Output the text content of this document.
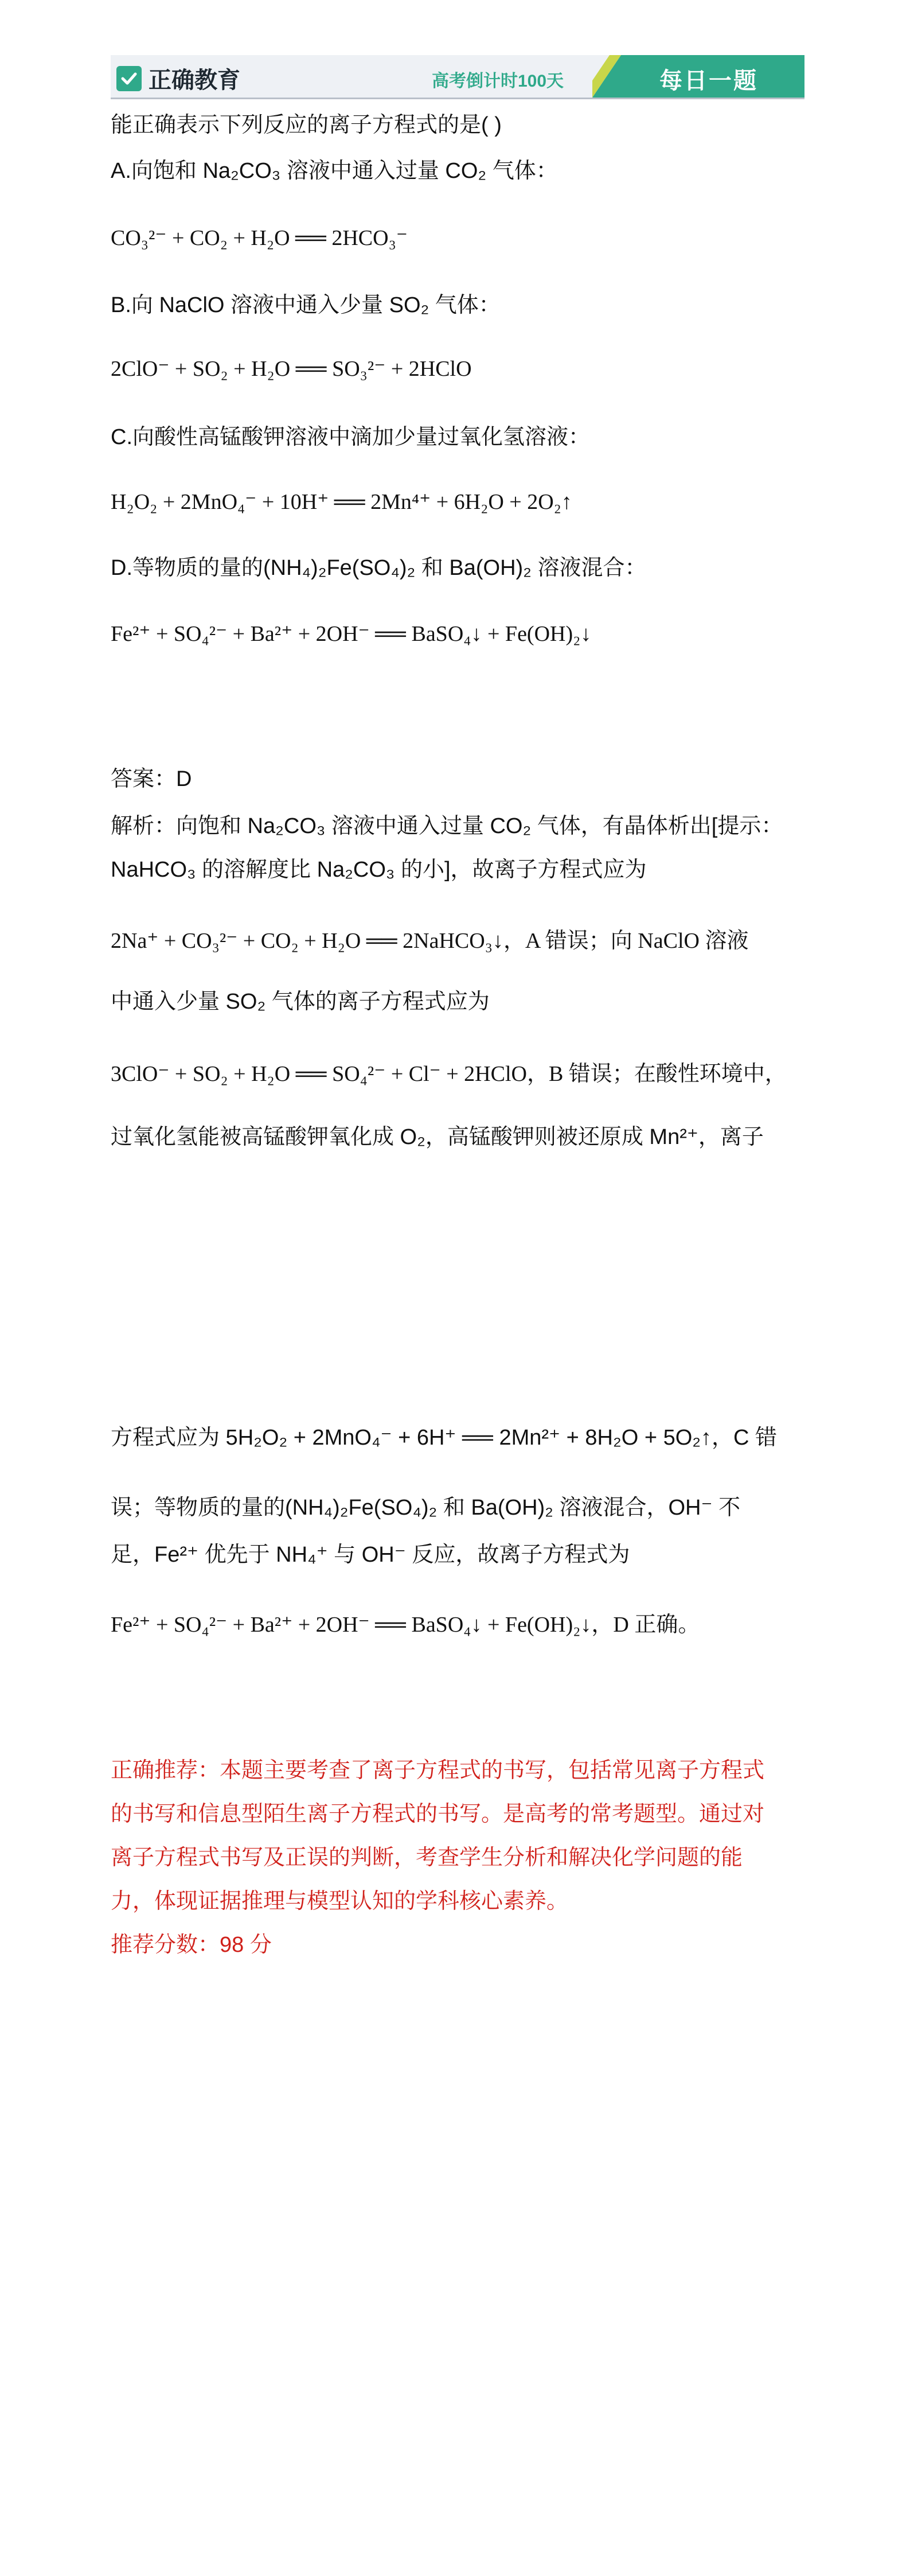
正确教育	高考倒计时100天	每日一题

能正确表示下列反应的离子方程式的是( )

A.向饱和 Na₂CO₃ 溶液中通入过量 CO₂ 气体：

CO₃²⁻ + CO₂ + H₂O ══ 2HCO₃⁻

B.向 NaClO 溶液中通入少量 SO₂ 气体：

2ClO⁻ + SO₂ + H₂O ══ SO₃²⁻ + 2HClO

C.向酸性高锰酸钾溶液中滴加少量过氧化氢溶液：

H₂O₂ + 2MnO₄⁻ + 10H⁺ ══ 2Mn⁴⁺ + 6H₂O + 2O₂↑

D.等物质的量的(NH₄)₂Fe(SO₄)₂ 和 Ba(OH)₂ 溶液混合：

Fe²⁺ + SO₄²⁻ + Ba²⁺ + 2OH⁻ ══ BaSO₄↓ + Fe(OH)₂↓

答案：D

解析：向饱和 Na₂CO₃ 溶液中通入过量 CO₂ 气体，有晶体析出[提示：

NaHCO₃ 的溶解度比 Na₂CO₃ 的小]，故离子方程式应为

2Na⁺ + CO₃²⁻ + CO₂ + H₂O ══ 2NaHCO₃↓，A 错误；向 NaClO 溶液

中通入少量 SO₂ 气体的离子方程式应为

3ClO⁻ + SO₂ + H₂O ══ SO₄²⁻ + Cl⁻ + 2HClO，B 错误；在酸性环境中，

过氧化氢能被高锰酸钾氧化成 O₂，高锰酸钾则被还原成 Mn²⁺，离子

方程式应为 5H₂O₂ + 2MnO₄⁻ + 6H⁺ ══ 2Mn²⁺ + 8H₂O + 5O₂↑，C 错

误；等物质的量的(NH₄)₂Fe(SO₄)₂ 和 Ba(OH)₂ 溶液混合，OH⁻ 不

足，Fe²⁺ 优先于 NH₄⁺ 与 OH⁻ 反应，故离子方程式为

Fe²⁺ + SO₄²⁻ + Ba²⁺ + 2OH⁻ ══ BaSO₄↓ + Fe(OH)₂↓，D 正确。

正确推荐：本题主要考查了离子方程式的书写，包括常见离子方程式

的书写和信息型陌生离子方程式的书写。是高考的常考题型。通过对

离子方程式书写及正误的判断，考查学生分析和解决化学问题的能

力，体现证据推理与模型认知的学科核心素养。

推荐分数：98 分
